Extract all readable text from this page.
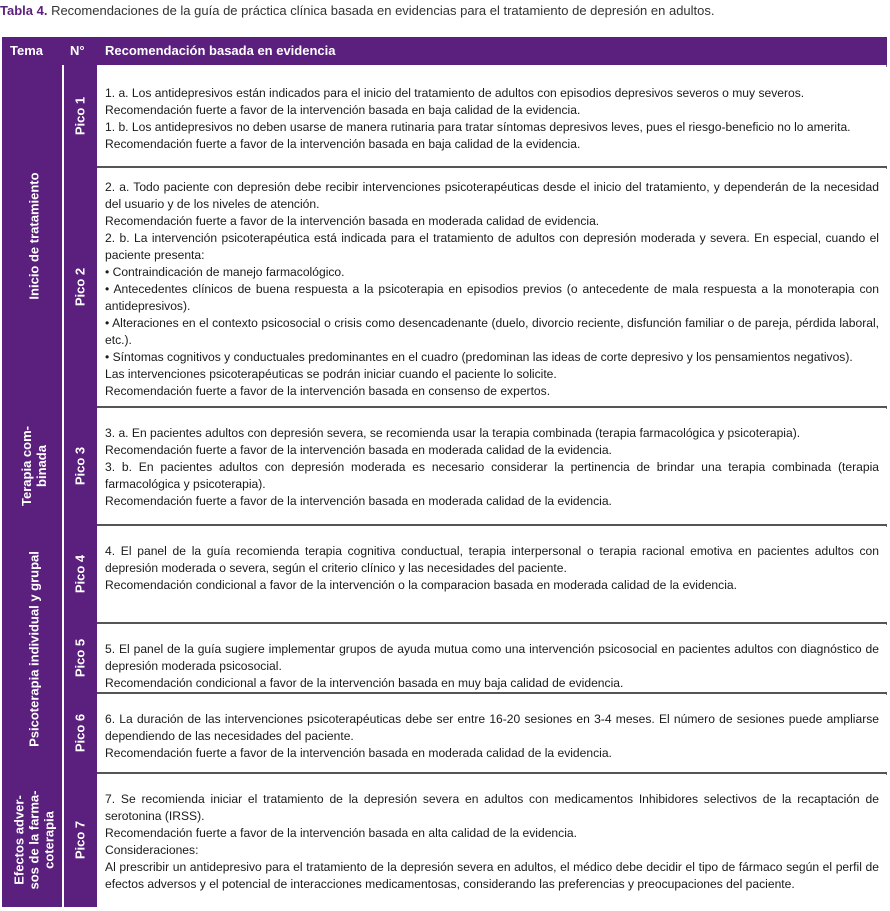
Tabla 4. Recomendaciones de la guía de práctica clínica basada en evidencias para el tratamiento de depresión en adultos.
Tema N° Recomendación basada en evidencia
Inicio de tratamiento
Terapia com-
binada
Psicoterapia individual y grupal
Efectos adver-
sos de la farma-
coterapia
Pico 1

1. a. Los antidepresivos están indicados para el inicio del tratamiento de adultos con episodios depresivos severos o muy severos.

Recomendación fuerte a favor de la intervención basada en baja calidad de la evidencia.

1. b. Los antidepresivos no deben usarse de manera rutinaria para tratar síntomas depresivos leves, pues el riesgo-beneficio no lo amerita.

Recomendación fuerte a favor de la intervención basada en baja calidad de la evidencia.

Pico 2

2. a. Todo paciente con depresión debe recibir intervenciones psicoterapéuticas desde el inicio del tratamiento, y dependerán de la necesidad del usuario y de los niveles de atención.

Recomendación fuerte a favor de la intervención basada en moderada calidad de evidencia.

2. b. La intervención psicoterapéutica está indicada para el tratamiento de adultos con depresión moderada y severa. En especial, cuando el paciente presenta:

• Contraindicación de manejo farmacológico.

• Antecedentes clínicos de buena respuesta a la psicoterapia en episodios previos (o antecedente de mala respuesta a la monoterapia con antidepresivos).

• Alteraciones en el contexto psicosocial o crisis como desencadenante (duelo, divorcio reciente, disfunción familiar o de pareja, pérdida laboral, etc.).

• Síntomas cognitivos y conductuales predominantes en el cuadro (predominan las ideas de corte depresivo y los pensamientos negativos).

Las intervenciones psicoterapéuticas se podrán iniciar cuando el paciente lo solicite.

Recomendación fuerte a favor de la intervención basada en consenso de expertos.

Pico 3

3. a. En pacientes adultos con depresión severa, se recomienda usar la terapia combinada (terapia farmacológica y psicoterapia).

Recomendación fuerte a favor de la intervención basada en moderada calidad de la evidencia.

3. b. En pacientes adultos con depresión moderada es necesario considerar la pertinencia de brindar una terapia combinada (terapia farmacológica y psicoterapia).

Recomendación fuerte a favor de la intervención basada en moderada calidad de la evidencia.

Pico 4

4. El panel de la guía recomienda terapia cognitiva conductual, terapia interpersonal o terapia racional emotiva en pacientes adultos con depresión moderada o severa, según el criterio clínico y las necesidades del paciente.

Recomendación condicional a favor de la intervención o la comparacion basada en moderada calidad de la evidencia.

Pico 5 5. El panel de la guía sugiere implementar grupos de ayuda mutua como una intervención psicosocial en pacientes adultos con diagnóstico de depresión moderada psicosocial.

Recomendación condicional a favor de la intervención basada en muy baja calidad de evidencia.

Pico 6 6. La duración de las intervenciones psicoterapéuticas debe ser entre 16-20 sesiones en 3-4 meses. El número de sesiones puede ampliarse dependiendo de las necesidades del paciente.

Recomendación fuerte a favor de la intervención basada en moderada calidad de la evidencia.

Pico 7

7. Se recomienda iniciar el tratamiento de la depresión severa en adultos con medicamentos Inhibidores selectivos de la recaptación de serotonina (IRSS).

Recomendación fuerte a favor de la intervención basada en alta calidad de la evidencia.

Consideraciones:

Al prescribir un antidepresivo para el tratamiento de la depresión severa en adultos, el médico debe decidir el tipo de fármaco según el perfil de efectos adversos y el potencial de interacciones medicamentosas, considerando las preferencias y preocupaciones del paciente.
